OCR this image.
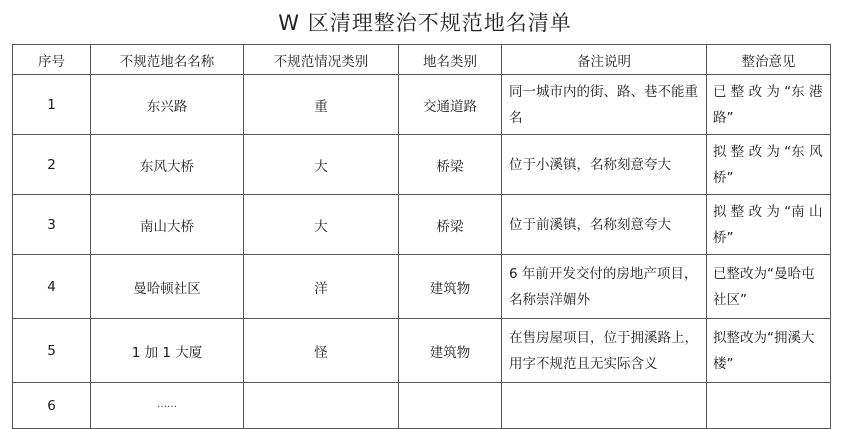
W 区清理整治不规范地名清单
序号	不规范地名名称	不规范情况类别	地名类别	备注说明	整治意见
1	东兴路	重	交通道路	同一城市内的街、路、巷不能重名	已 整 改 为 “东 港 路”
2	东风大桥	大	桥梁	位于小溪镇，名称刻意夸大	拟 整 改 为 “东 风 桥”
3	南山大桥	大	桥梁	位于前溪镇，名称刻意夸大	拟 整 改 为 “南 山 桥”
4	曼哈顿社区	洋	建筑物	6 年前开发交付的房地产项目，名称崇洋媚外	已整改为“曼哈屯社区”
5	1 加 1 大厦	怪	建筑物	在售房屋项目，位于拥溪路上，用字不规范且无实际含义	拟整改为“拥溪大楼”
6	……				
